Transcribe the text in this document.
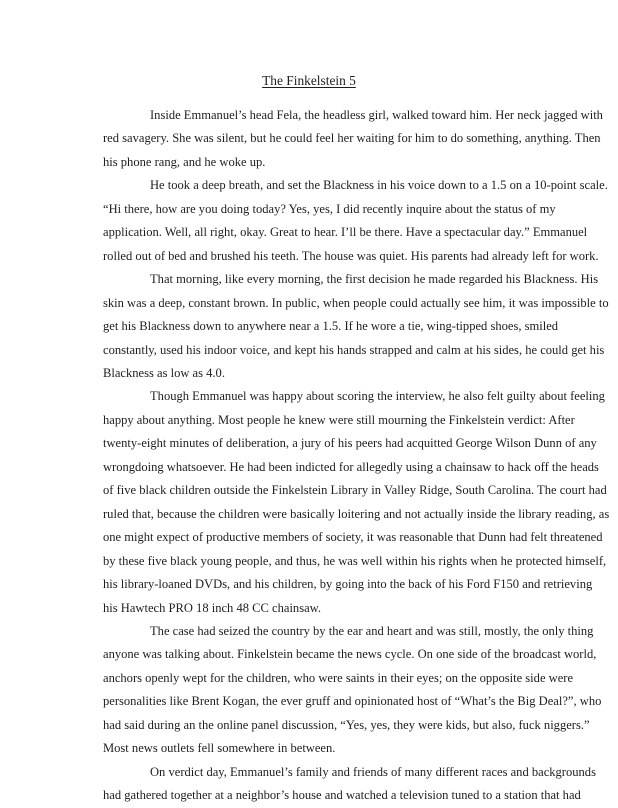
The Finkelstein 5

Inside Emmanuel’s head Fela, the headless girl, walked toward him. Her neck jagged with
red savagery. She was silent, but he could feel her waiting for him to do something, anything. Then
his phone rang, and he woke up.

He took a deep breath, and set the Blackness in his voice down to a 1.5 on a 10-point scale.
“Hi there, how are you doing today? Yes, yes, I did recently inquire about the status of my
application. Well, all right, okay. Great to hear. I’ll be there. Have a spectacular day.” Emmanuel
rolled out of bed and brushed his teeth. The house was quiet. His parents had already left for work.

That morning, like every morning, the first decision he made regarded his Blackness. His
skin was a deep, constant brown. In public, when people could actually see him, it was impossible to
get his Blackness down to anywhere near a 1.5. If he wore a tie, wing-tipped shoes, smiled
constantly, used his indoor voice, and kept his hands strapped and calm at his sides, he could get his
Blackness as low as 4.0.

Though Emmanuel was happy about scoring the interview, he also felt guilty about feeling
happy about anything. Most people he knew were still mourning the Finkelstein verdict: After
twenty-eight minutes of deliberation, a jury of his peers had acquitted George Wilson Dunn of any
wrongdoing whatsoever. He had been indicted for allegedly using a chainsaw to hack off the heads
of five black children outside the Finkelstein Library in Valley Ridge, South Carolina. The court had
ruled that, because the children were basically loitering and not actually inside the library reading, as
one might expect of productive members of society, it was reasonable that Dunn had felt threatened
by these five black young people, and thus, he was well within his rights when he protected himself,
his library-loaned DVDs, and his children, by going into the back of his Ford F150 and retrieving
his Hawtech PRO 18 inch 48 CC chainsaw.

The case had seized the country by the ear and heart and was still, mostly, the only thing
anyone was talking about. Finkelstein became the news cycle. On one side of the broadcast world,
anchors openly wept for the children, who were saints in their eyes; on the opposite side were
personalities like Brent Kogan, the ever gruff and opinionated host of “What’s the Big Deal?”, who
had said during an the online panel discussion, “Yes, yes, they were kids, but also, fuck niggers.”
Most news outlets fell somewhere in between.

On verdict day, Emmanuel’s family and friends of many different races and backgrounds
had gathered together at a neighbor’s house and watched a television tuned to a station that had
